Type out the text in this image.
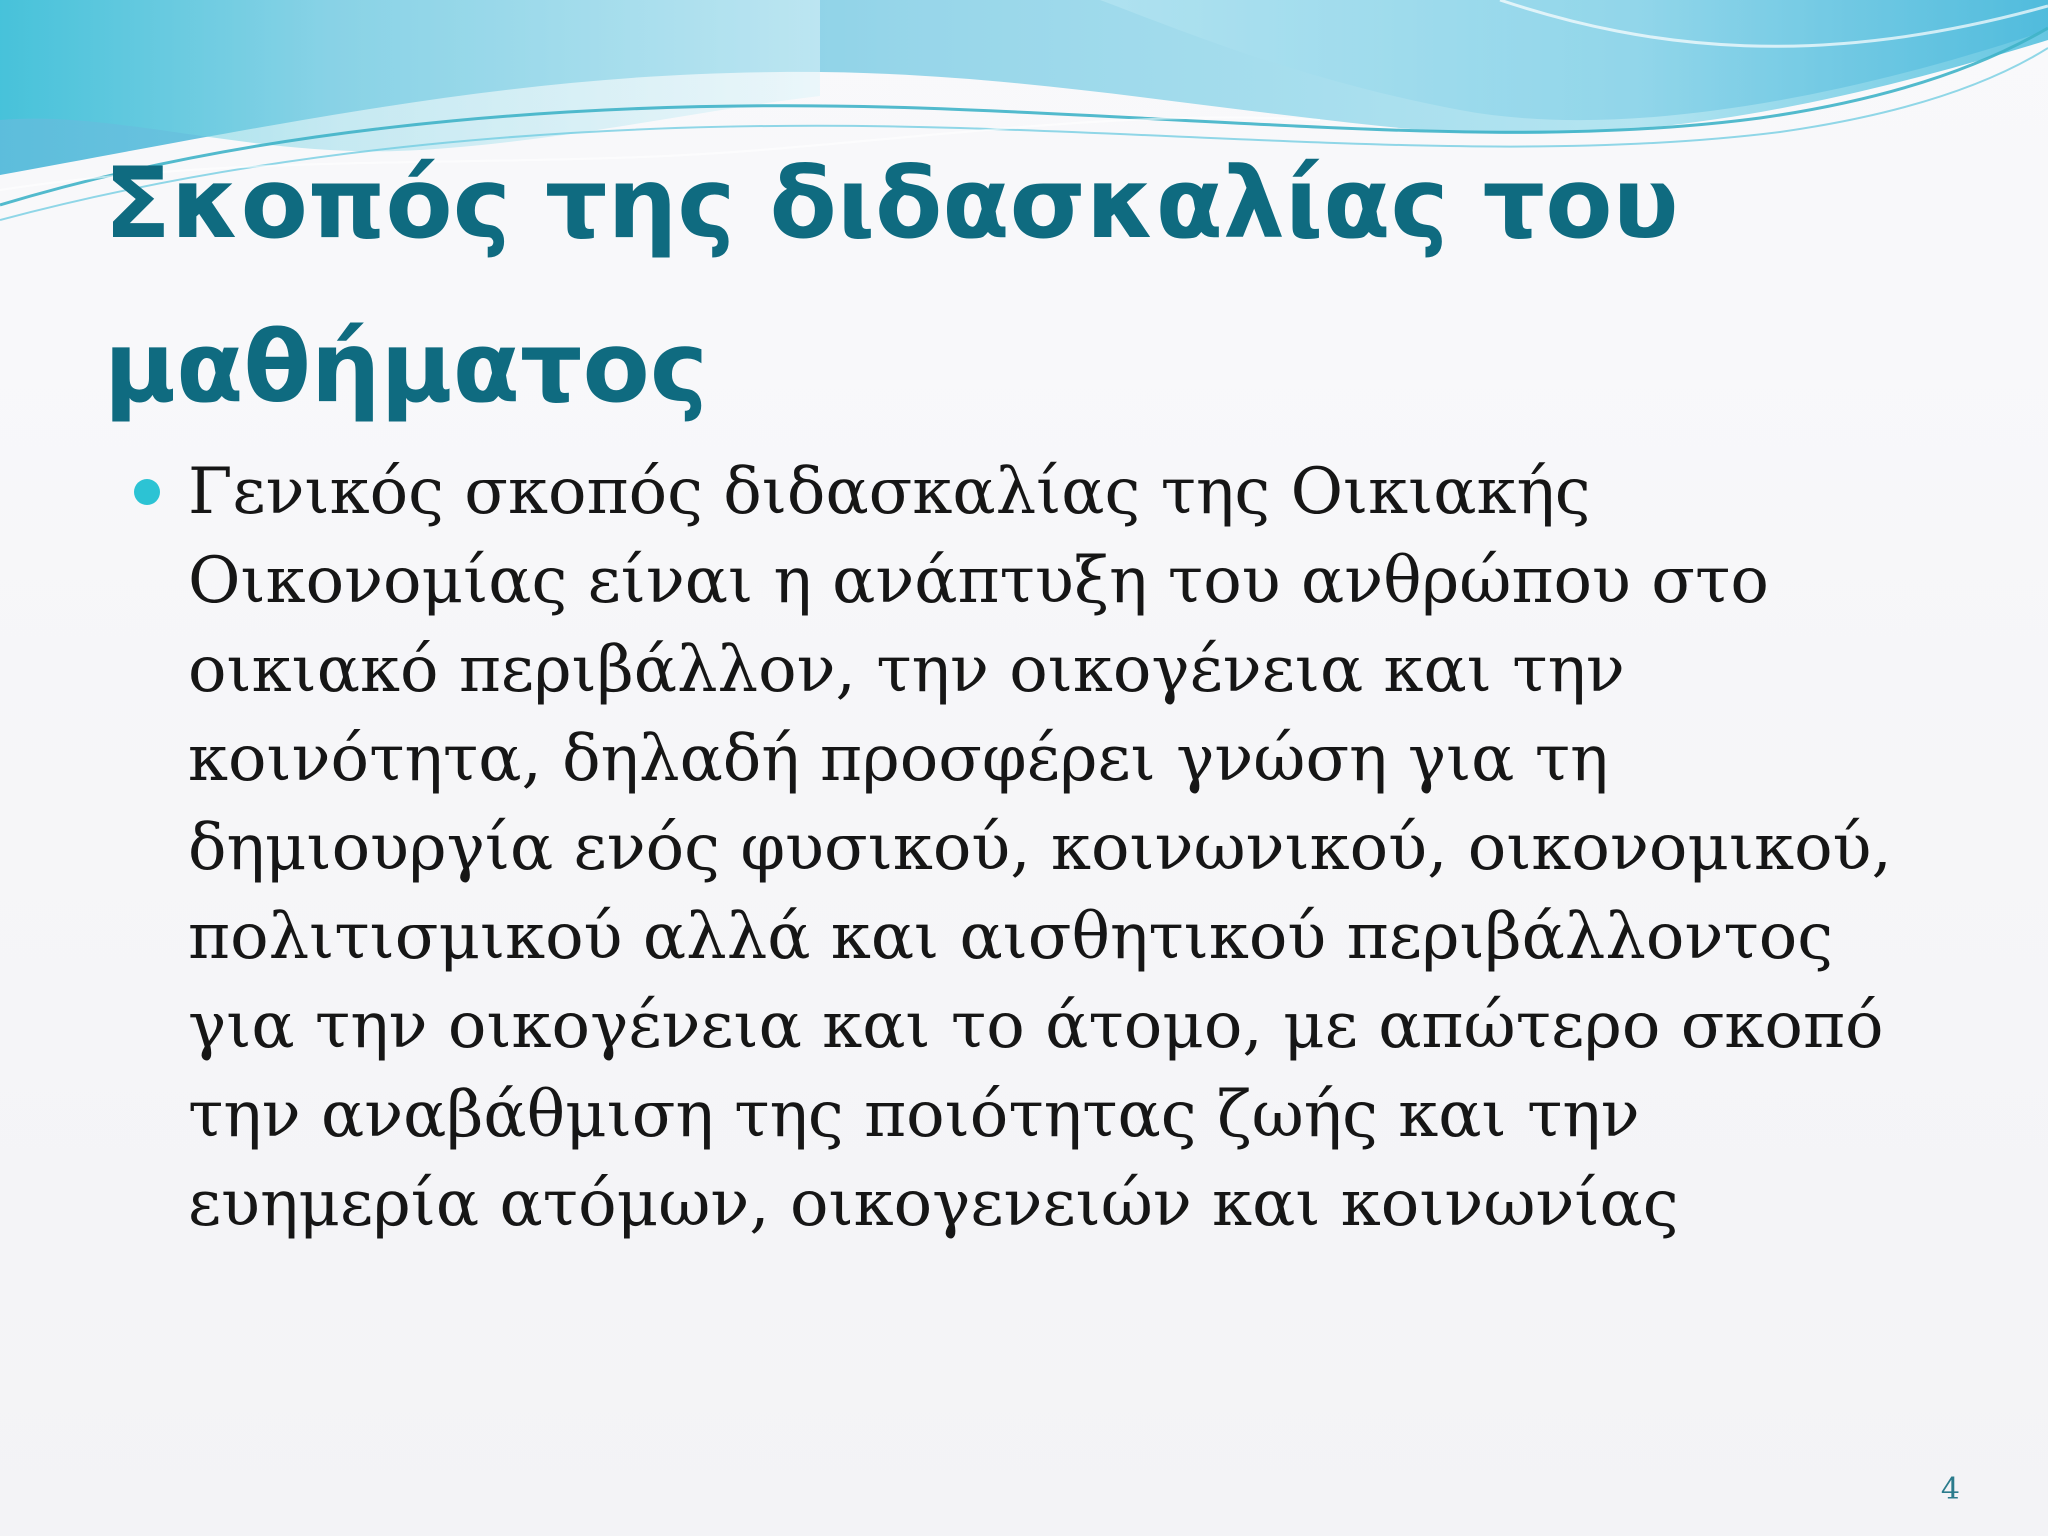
Σκοπός της διδασκαλίας του μαθήματος
Γενικός σκοπός διδασκαλίας της Οικιακής Οικονομίας είναι η ανάπτυξη του ανθρώπου στο οικιακό περιβάλλον, την οικογένεια και την κοινότητα, δηλαδή προσφέρει γνώση για τη δημιουργία ενός φυσικού, κοινωνικού, οικονομικού, πολιτισμικού αλλά και αισθητικού περιβάλλοντος για την οικογένεια και το άτομο, με απώτερο σκοπό την αναβάθμιση της ποιότητας ζωής και την ευημερία ατόμων, οικογενειών και κοινωνίας
4
